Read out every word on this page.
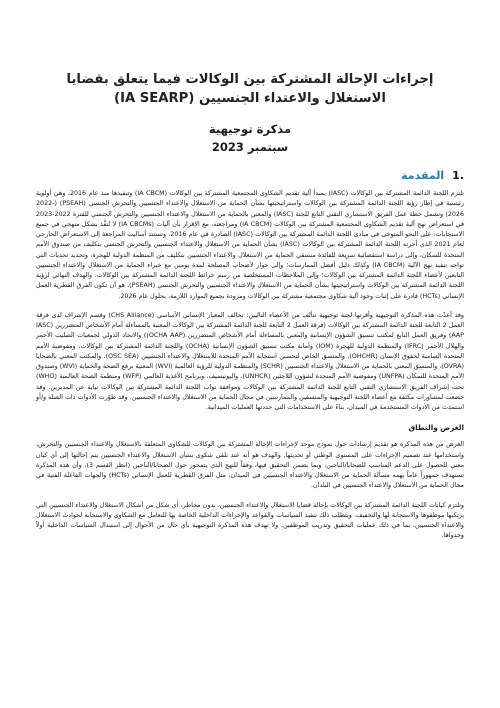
إجراءات الإحالة المشتركة بين الوكالات فيما يتعلق بقضايا الاستغلال والاعتداء الجنسيين (IA SEARP)
مذكرة توجيهية
سبتمبر 2023
.1
المقدمة

تلتزم اللجنة الدائمة المشتركة بين الوكالات (IASC) بمبدأ آلية تقديم الشكاوى المجتمعية المشتركة بين الوكالات (IA CBCM) وتنفيذها منذ عام 2016، وهي أولوية رئيسية في إطار رؤية اللجنة الدائمة المشتركة بين الوكالات واستراتيجيتها بشأن الحماية من الاستغلال والاعتداء الجنسيين والتحرش الجنسي (PSEAH) (2022-2026) وتشمل خطة عمل الفريق الاستشاري التقني التابع للجنة (IASC) والمعني بالحماية من الاستغلال والاعتداء الجنسيين والتحرش الجنسي للفترة 2022-2023 في استعراض نهج آلية تقديم الشكاوى المجتمعية المشتركة بين الوكالات (IA CBCM) ومراجعته، مع الإقرار بأن آليات (IA CBCMs) لا تُنفَّذ بشكل منهجي في جميع الاستجابات، على النحو المتوخى في مبادئ اللجنة الدائمة المشتركة بين الوكالات (IASC) الصادرة في عام 2016، وتستند أساليب المراجعة إلى الاستعراض الخارجي لعام 2021 الذي أجرته اللجنة الدائمة المشتركة بين الوكالات (IASC) بشأن الحماية من الاستغلال والاعتداء الجنسيين والتحرش الجنسي بتكليف من صندوق الأمم المتحدة للسكان، وإلى دراسة استقصائية سريعة للفائدة منسقي الحماية من الاستغلال والاعتداء الجنسيين بتكليف من المنظمة الدولية للهجرة، وتحديد تحديات التي تواجه تنفيذ نهج الآلية (IA CBCM) وكذلك دليل أفضل الممارسات؛ وإلى حوار لأصحاب المصلحة لمدة يومين مع خبراء الحماية من الاستغلال والاعتداء الجنسيين التابعين لأعضاء اللجنة الدائمة المشتركة بين الوكالات؛ وإلى الملاحظات المستخلصة من رسم خرائط اللجنة الدائمة المشتركة بين الوكالات. والهدف النهائي لرؤية اللجنة الدائمة المشتركة بين الوكالات واستراتيجيتها بشأن الحماية من الاستغلال والاعتداء الجنسيين والتحرش الجنسي (PSEAH)، هو أن تكون الفرق القطرية العمل الإنساني (HCTs) قادرة على إثبات وجود آلية شكاوى مجتمعية مشتركة بين الوكالات ومزودة بجميع الموارد اللازمة، بحلول عام 2026.

وقد أعدّت هذه المذكرة التوجيهية وأقرتها لجنة توجيهية تتألف من الأعضاء التاليين: تحالف المعيار الإنساني الأساسي (CHS Alliance) وقسم الإشراف لدى فرقة العمل 2 التابعة للجنة الدائمة المشتركة بين الوكالات (فرقة العمل 2 التابعة للجنة الدائمة المشتركة بين الوكالات المعنية بالمساءلة أمام الأشخاص المتضررين (IASC AAP) وفريق العمل التابع لمكتب تنسيق الشؤون الإنسانية والمعني بالمساءلة أمام الأشخاص المتضررين (OCHA AAP)) والاتحاد الدولي لجمعيات الصليب الأحمر والهلال الأحمر (IFRC) والمنظمة الدولية للهجرة (IOM) وأمانة مكتب تنسيق الشؤون الإنسانية (OCHA) واللجنة الدائمة المشتركة بين الوكالات، ومفوضية الأمم المتحدة السامية لحقوق الإنسان (OHCHR)، والمنسق الخاص لتحسين استجابة الأمم المتحدة للاستغلال والاعتداء الجنسيين (OSC SEA)، والمكتب المعني بالضحايا (OVRA)، والمنسق المعني بالحماية من الاستغلال والاعتداء الجنسيين (SCHR) والمنظمة الدولية للرؤية العالمية (WVI) المعنية برفع الصحة والحماية (WVI) وصندوق الأمم المتحدة للسكان (UNFPA) ومفوضية الأمم المتحدة لشؤون اللاجئين (UNHCR)، واليونيسيف، وبرنامج الأغذية العالمي (WFP) ومنظمة الصحة العالمية (WHO) تحت إشراف الفريق الاستشاري التقني التابع للجنة الدائمة المشتركة بين الوكالات وموافقة نواب اللجنة الدائمة المشتركة بين الوكالات نيابة عن المديرين. وقد خضعت لمشاورات مكثفة مع أعضاء اللجنة التوجيهية والمنسقين والممارسين في مجال الحماية من الاستغلال والاعتداء الجنسيين. وقد طوّرت الأدوات ذات الصلة و/أو استمدت من الأدوات المستخدمة في الميدان، بناءً على الاستخدامات التي حددتها العمليات الميدانية.

الغرض والنطاق

الغرض من هذه المذكرة هو تقديم إرشادات حول نموذج موحد لإجراءات الإحالة المشتركة بين الوكالات للشكاوى المتعلقة بالاستغلال والاعتداء الجنسيين والتحرش، واستخدامها عند تصميم الإجراءات على المستوى الوطني أو تحديثها. والهدف هو أنه عند تلقي شكوى بشأن الاستغلال والاعتداء الجنسيين يتم إحالتها إلى أي كيان معني للحصول على الدعم المناسب للضحايا/الناجين، وبما يضمن التحقيق فيها، وفقاً للنهج الذي يتمحور حول الضحايا/الناجين (انظر القسم 3)، وأن هذه المذكرة تستهدف جمهوراً عاماً يهمه مسألة الحماية من الاستغلال والاعتداء الجنسيين في الميدان، مثل الفرق القطرية للعمل الإنساني (HCTs) والجهات الفاعلة الفنية في مجال الحماية من الاستغلال والاعتداء الجنسيين في البلدان.

وتلتزم كيانات اللجنة الدائمة المشتركة بين الوكالات بإحالة قضايا الاستغلال والاعتداء الجنسيين، بدون مخاطر، أي شكل من أشكال الاستغلال والاعتداء الجنسيين التي يرتكبها موظفوها والاستجابة لها والتخفيف. ويتطلب ذلك تنفيذ السياسات والقواعد والإجراءات الداخلية الخاصة بها للتعامل مع الشكاوى والاستجابة لحوادث الاستغلال والاعتداء الجنسيين، بما في ذلك عمليات التحقيق وتدريب الموظفين. ولا تهدف هذه المذكرة التوجيهية بأي حال من الأحوال إلى استبدال السياسات الداخلية أولاً وجدواها.
